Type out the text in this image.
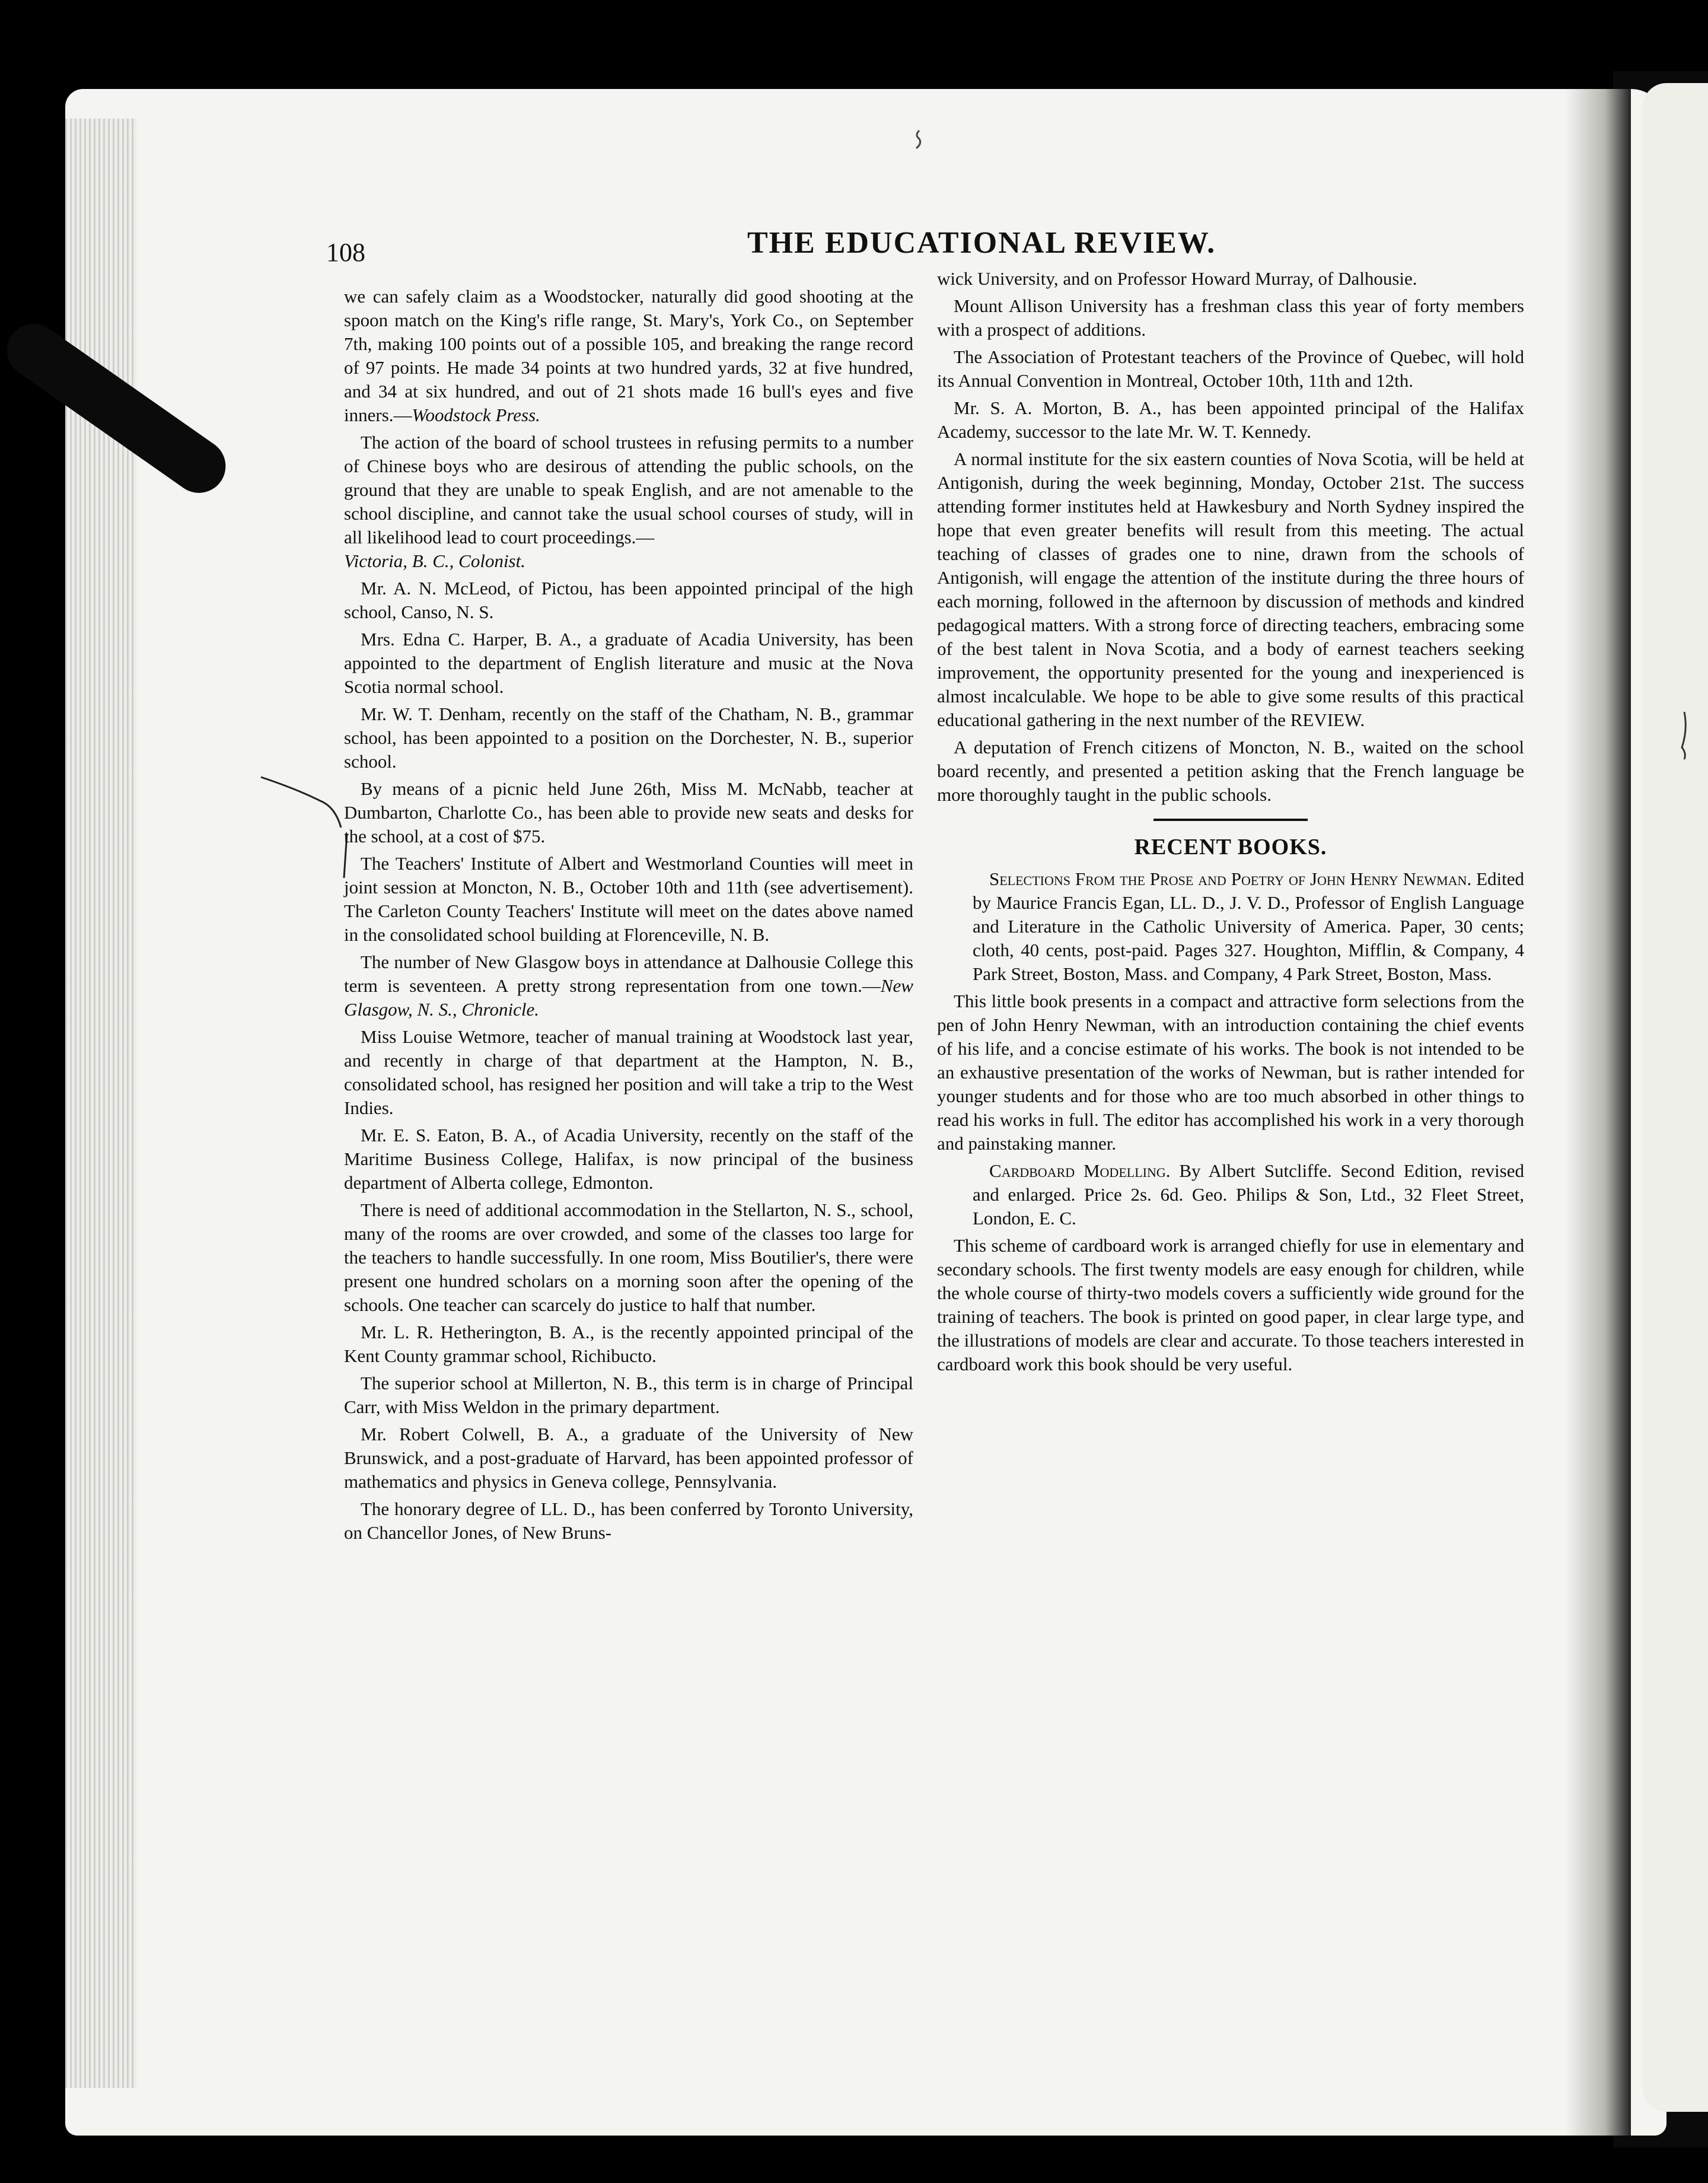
108	THE EDUCATIONAL REVIEW.

we can safely claim as a Woodstocker, naturally did good shooting at the spoon match on the King's rifle range, St. Mary's, York Co., on September 7th, making 100 points out of a possible 105, and breaking the range record of 97 points. He made 34 points at two hundred yards, 32 at five hundred, and 34 at six hundred, and out of 21 shots made 16 bull's eyes and five inners.—Woodstock Press.

The action of the board of school trustees in refusing permits to a number of Chinese boys who are desirous of attending the public schools, on the ground that they are unable to speak English, and are not amenable to the school discipline, and cannot take the usual school courses of study, will in all likelihood lead to court proceedings.—
Victoria, B. C., Colonist.

Mr. A. N. McLeod, of Pictou, has been appointed principal of the high school, Canso, N. S.

Mrs. Edna C. Harper, B. A., a graduate of Acadia University, has been appointed to the department of English literature and music at the Nova Scotia normal school.

Mr. W. T. Denham, recently on the staff of the Chatham, N. B., grammar school, has been appointed to a position on the Dorchester, N. B., superior school.

By means of a picnic held June 26th, Miss M. McNabb, teacher at Dumbarton, Charlotte Co., has been able to provide new seats and desks for the school, at a cost of $75.

The Teachers' Institute of Albert and Westmorland Counties will meet in joint session at Moncton, N. B., October 10th and 11th (see advertisement). The Carleton County Teachers' Institute will meet on the dates above named in the consolidated school building at Florenceville, N. B.

The number of New Glasgow boys in attendance at Dalhousie College this term is seventeen. A pretty strong representation from one town.—New Glasgow, N. S., Chronicle.

Miss Louise Wetmore, teacher of manual training at Woodstock last year, and recently in charge of that department at the Hampton, N. B., consolidated school, has resigned her position and will take a trip to the West Indies.

Mr. E. S. Eaton, B. A., of Acadia University, recently on the staff of the Maritime Business College, Halifax, is now principal of the business department of Alberta college, Edmonton.

There is need of additional accommodation in the Stellarton, N. S., school, many of the rooms are over crowded, and some of the classes too large for the teachers to handle successfully. In one room, Miss Boutilier's, there were present one hundred scholars on a morning soon after the opening of the schools. One teacher can scarcely do justice to half that number.

Mr. L. R. Hetherington, B. A., is the recently appointed principal of the Kent County grammar school, Richibucto.

The superior school at Millerton, N. B., this term is in charge of Principal Carr, with Miss Weldon in the primary department.

Mr. Robert Colwell, B. A., a graduate of the University of New Brunswick, and a post-graduate of Harvard, has been appointed professor of mathematics and physics in Geneva college, Pennsylvania.

The honorary degree of LL. D., has been conferred by Toronto University, on Chancellor Jones, of New Bruns-

wick University, and on Professor Howard Murray, of Dalhousie.

Mount Allison University has a freshman class this year of forty members with a prospect of additions.

The Association of Protestant teachers of the Province of Quebec, will hold its Annual Convention in Montreal, October 10th, 11th and 12th.

Mr. S. A. Morton, B. A., has been appointed principal of the Halifax Academy, successor to the late Mr. W. T. Kennedy.

A normal institute for the six eastern counties of Nova Scotia, will be held at Antigonish, during the week beginning, Monday, October 21st. The success attending former institutes held at Hawkesbury and North Sydney inspired the hope that even greater benefits will result from this meeting. The actual teaching of classes of grades one to nine, drawn from the schools of Antigonish, will engage the attention of the institute during the three hours of each morning, followed in the afternoon by discussion of methods and kindred pedagogical matters. With a strong force of directing teachers, embracing some of the best talent in Nova Scotia, and a body of earnest teachers seeking improvement, the opportunity presented for the young and inexperienced is almost incalculable. We hope to be able to give some results of this practical educational gathering in the next number of the REVIEW.

A deputation of French citizens of Moncton, N. B., waited on the school board recently, and presented a petition asking that the French language be more thoroughly taught in the public schools.

RECENT BOOKS.

Selections From the Prose and Poetry of John Henry Newman. Edited by Maurice Francis Egan, LL. D., J. V. D., Professor of English Language and Literature in the Catholic University of America. Paper, 30 cents; cloth, 40 cents, post-paid. Pages 327. Houghton, Mifflin, & Company, 4 Park Street, Boston, Mass. and Company, 4 Park Street, Boston, Mass.

This little book presents in a compact and attractive form selections from the pen of John Henry Newman, with an introduction containing the chief events of his life, and a concise estimate of his works. The book is not intended to be an exhaustive presentation of the works of Newman, but is rather intended for younger students and for those who are too much absorbed in other things to read his works in full. The editor has accomplished his work in a very thorough and painstaking manner.

Cardboard Modelling. By Albert Sutcliffe. Second Edition, revised and enlarged. Price 2s. 6d. Geo. Philips & Son, Ltd., 32 Fleet Street, London, E. C.

This scheme of cardboard work is arranged chiefly for use in elementary and secondary schools. The first twenty models are easy enough for children, while the whole course of thirty-two models covers a sufficiently wide ground for the training of teachers. The book is printed on good paper, in clear large type, and the illustrations of models are clear and accurate. To those teachers interested in cardboard work this book should be very useful.
